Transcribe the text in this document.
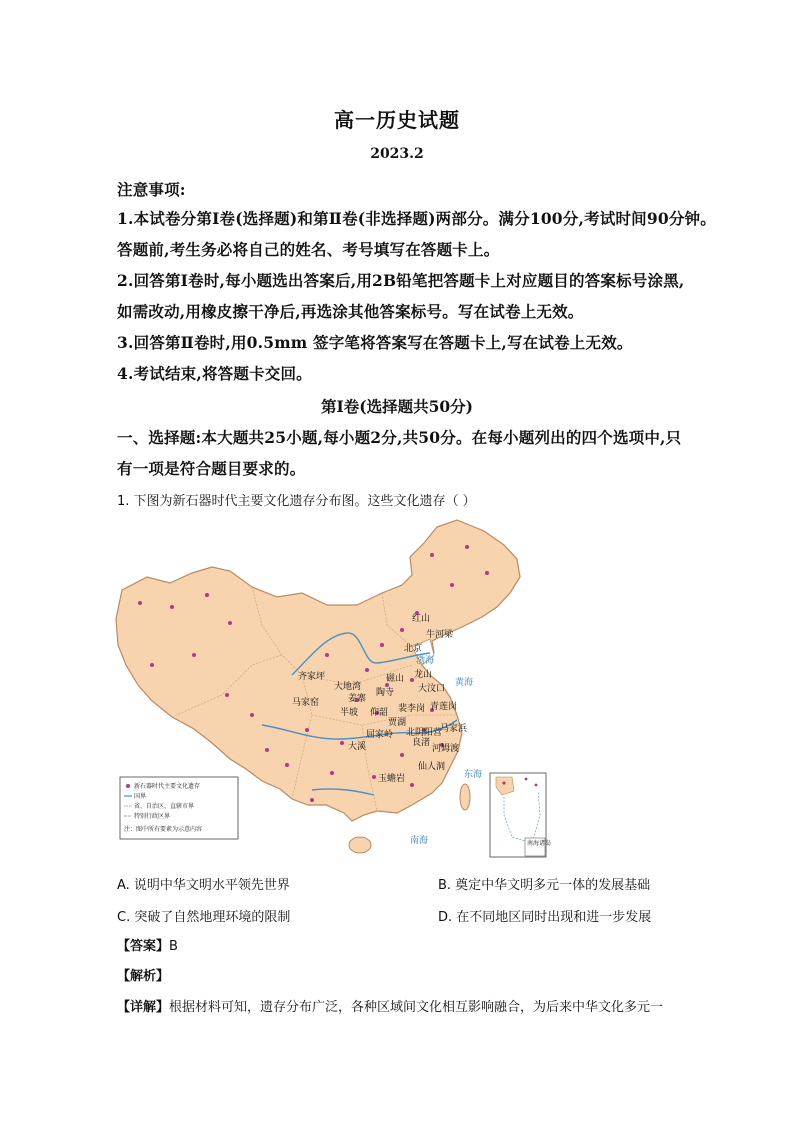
高一历史试题
2023.2
注意事项:
1.本试卷分第Ⅰ卷(选择题)和第Ⅱ卷(非选择题)两部分。满分100分,考试时间90分钟。
答题前,考生务必将自己的姓名、考号填写在答题卡上。
2.回答第Ⅰ卷时,每小题选出答案后,用2B铅笔把答题卡上对应题目的答案标号涂黑,
如需改动,用橡皮擦干净后,再选涂其他答案标号。写在试卷上无效。
3.回答第Ⅱ卷时,用0.5mm 签字笔将答案写在答题卡上,写在试卷上无效。
4.考试结束,将答题卡交回。
第Ⅰ卷(选择题共50分)
一、选择题:本大题共25小题,每小题2分,共50分。在每小题列出的四个选项中,只
有一项是符合题目要求的。
1. 下图为新石器时代主要文化遗存分布图。这些文化遗存（ ）
红山
牛河梁
北京
齐家坪
大地湾
磁山 龙山
大汶口
马家窑	姜寨
陶寺
半坡 仰韶 裴李岗 青莲岗
贾湖
屈家岭 北阴阳营
马家浜
大溪	良渚
河姆渡
仙人洞
玉蟾岩
渤海
黄海
东海
南海
新石器时代主要文化遗存
国界
省、自治区、直辖市界
特别行政区界
注：图中所有要素为示意内容
南海诸岛
A. 说明中华文明水平领先世界	B. 奠定中华文明多元一体的发展基础
C. 突破了自然地理环境的限制	D. 在不同地区同时出现和进一步发展
【答案】B
【解析】
【详解】根据材料可知，遗存分布广泛，各种区域间文化相互影响融合，为后来中华文化多元一
